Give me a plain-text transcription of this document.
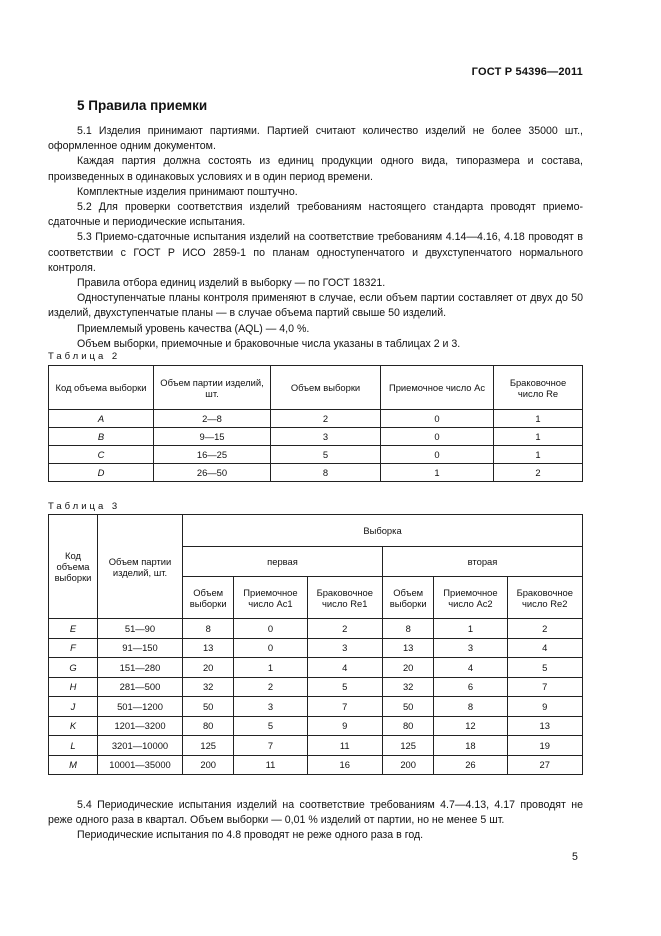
ГОСТ Р 54396—2011
5 Правила приемки

5.1 Изделия принимают партиями. Партией считают количество изделий не более 35000 шт., оформленное одним документом.

Каждая партия должна состоять из единиц продукции одного вида, типоразмера и состава, произведенных в одинаковых условиях и в один период времени.

Комплектные изделия принимают поштучно.

5.2 Для проверки соответствия изделий требованиям настоящего стандарта проводят приемо-сдаточные и периодические испытания.

5.3 Приемо-сдаточные испытания изделий на соответствие требованиям 4.14—4.16, 4.18 проводят в соответствии с ГОСТ Р ИСО 2859-1 по планам одноступенчатого и двухступенчатого нормального контроля.

Правила отбора единиц изделий в выборку — по ГОСТ 18321.

Одноступенчатые планы контроля применяют в случае, если объем партии составляет от двух до 50 изделий, двухступенчатые планы — в случае объема партий свыше 50 изделий.

Приемлемый уровень качества (AQL) — 4,0 %.

Объем выборки, приемочные и браковочные числа указаны в таблицах 2 и 3.

Таблица 2
Код объема выборки	Объем партии изделий, шт.	Объем выборки	Приемочное число Ac	Браковочное число Re
A	2—8	2	0	1
B	9—15	3	0	1
C	16—25	5	0	1
D	26—50	8	1	2
Таблица 3
Код объема выборки	Объем партии изделий, шт.	Выборка					
		первая			вторая		
		Объем выборки	Приемочное число Ac1	Браковочное число Re1	Объем выборки	Приемочное число Ac2	Браковочное число Re2
E	51—90	8	0	2	8	1	2
F	91—150	13	0	3	13	3	4
G	151—280	20	1	4	20	4	5
H	281—500	32	2	5	32	6	7
J	501—1200	50	3	7	50	8	9
K	1201—3200	80	5	9	80	12	13
L	3201—10000	125	7	11	125	18	19
M	10001—35000	200	11	16	200	26	27

5.4 Периодические испытания изделий на соответствие требованиям 4.7—4.13, 4.17 проводят не реже одного раза в квартал. Объем выборки — 0,01 % изделий от партии, но не менее 5 шт.

Периодические испытания по 4.8 проводят не реже одного раза в год.

5
